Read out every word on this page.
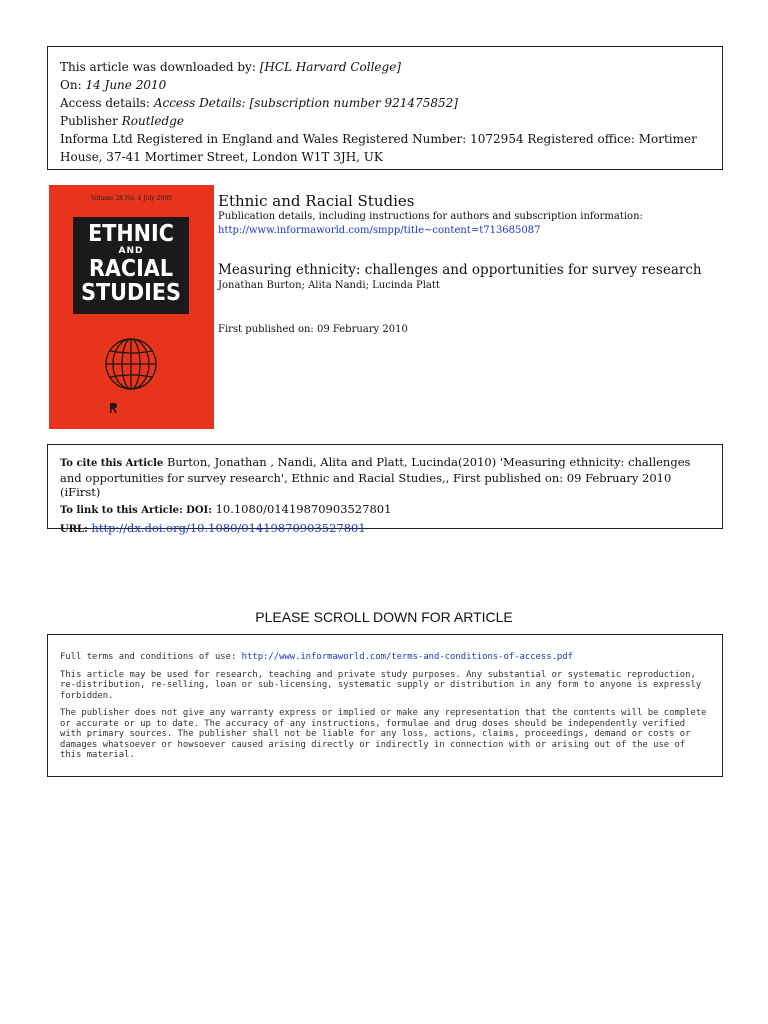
This article was downloaded by: [HCL Harvard College]
On: 14 June 2010
Access details: Access Details: [subscription number 921475852]
Publisher Routledge
Informa Ltd Registered in England and Wales Registered Number: 1072954 Registered office: Mortimer House, 37-41 Mortimer Street, London W1T 3JH, UK
Volume 28 No. 4 July 2005
ETHNIC
AND
RACIAL
STUDIES
Ethnic and Racial Studies
Publication details, including instructions for authors and subscription information:
http://www.informaworld.com/smpp/title~content=t713685087
Measuring ethnicity: challenges and opportunities for survey research
Jonathan Burton; Alita Nandi; Lucinda Platt
First published on: 09 February 2010
To cite this Article Burton, Jonathan , Nandi, Alita and Platt, Lucinda(2010) 'Measuring ethnicity: challenges and opportunities for survey research', Ethnic and Racial Studies,, First published on: 09 February 2010 (iFirst)
To link to this Article: DOI: 10.1080/01419870903527801
URL: http://dx.doi.org/10.1080/01419870903527801
PLEASE SCROLL DOWN FOR ARTICLE

Full terms and conditions of use: http://www.informaworld.com/terms-and-conditions-of-access.pdf

This article may be used for research, teaching and private study purposes. Any substantial or systematic reproduction, re-distribution, re-selling, loan or sub-licensing, systematic supply or distribution in any form to anyone is expressly forbidden.

The publisher does not give any warranty express or implied or make any representation that the contents will be complete or accurate or up to date. The accuracy of any instructions, formulae and drug doses should be independently verified with primary sources. The publisher shall not be liable for any loss, actions, claims, proceedings, demand or costs or damages whatsoever or howsoever caused arising directly or indirectly in connection with or arising out of the use of this material.
